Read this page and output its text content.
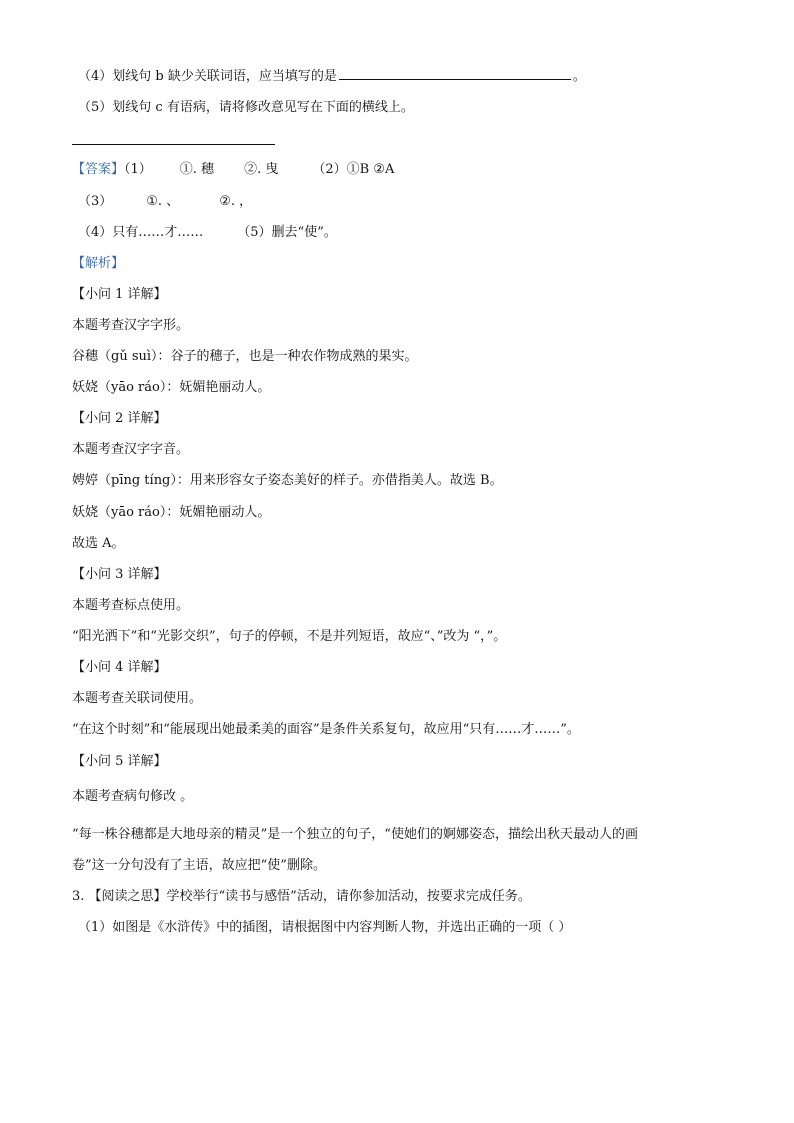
（4）划线句 b 缺少关联词语，应当填写的是	。
（5）划线句 c 有语病，请将修改意见写在下面的横线上。
【答案】（1） ①. 穗 ②. 曳	（2）①B ②A
（3）	①. 、	②. ，
（4）只有……才……	（5）删去“使”。
【解析】
【小问 1 详解】
本题考查汉字字形。
谷穗（gǔ suì）：谷子的穗子，也是一种农作物成熟的果实。
妖娆（yāo ráo）：妩媚艳丽动人。
【小问 2 详解】
本题考查汉字字音。
娉婷（pīng tíng）：用来形容女子姿态美好的样子。亦借指美人。故选 B。
妖娆（yāo ráo）：妩媚艳丽动人。
故选 A。
【小问 3 详解】
本题考查标点使用。
“阳光洒下”和“光影交织”，句子的停顿，不是并列短语，故应“、”改为 “，”。
【小问 4 详解】
本题考查关联词使用。
“在这个时刻”和“能展现出她最柔美的面容”是条件关系复句，故应用“只有……才……”。
【小问 5 详解】
本题考查病句修改 。
“每一株谷穗都是大地母亲的精灵”是一个独立的句子，“使她们的婀娜姿态，描绘出秋天最动人的画
卷”这一分句没有了主语，故应把“使”删除。
3. 【阅读之思】学校举行“读书与感悟”活动，请你参加活动，按要求完成任务。
（1）如图是《水浒传》中的插图，请根据图中内容判断人物，并选出正确的一项（ ）
